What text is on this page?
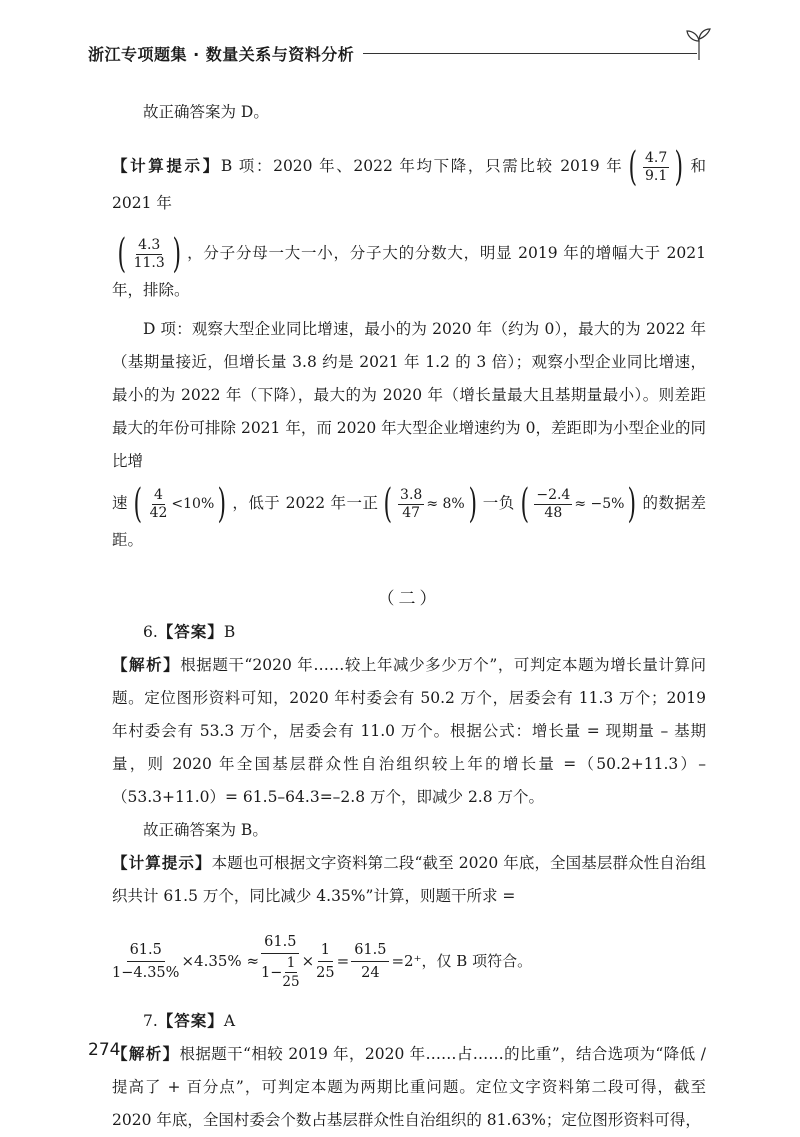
浙江专项题集 · 数量关系与资料分析

故正确答案为 D。

【计算提示】B 项：2020 年、2022 年均下降，只需比较 2019 年 ( $\frac{4.7}{9.1}$ ) 和 2021 年

( $\frac{4.3}{11.3}$ ) ，分子分母一大一小，分子大的分数大，明显 2019 年的增幅大于 2021 年，排除。

D 项：观察大型企业同比增速，最小的为 2020 年（约为 0），最大的为 2022 年（基期量接近，但增长量 3.8 约是 2021 年 1.2 的 3 倍）；观察小型企业同比增速，最小的为 2022 年（下降），最大的为 2020 年（增长量最大且基期量最小）。则差距最大的年份可排除 2021 年，而 2020 年大型企业增速约为 0，差距即为小型企业的同比增

速 ( $\frac{4}{42} <10\%$ ) ，低于 2022 年一正 ( $\frac{3.8}{47} \approx 8\%$ ) 一负 ( $\frac{-2.4}{48} \approx -5\%$ ) 的数据差距。

（二）

6.【答案】B

【解析】根据题干“2020 年……较上年减少多少万个”，可判定本题为增长量计算问题。定位图形资料可知，2020 年村委会有 50.2 万个，居委会有 11.3 万个；2019 年村委会有 53.3 万个，居委会有 11.0 万个。根据公式：增长量 = 现期量 – 基期量，则 2020 年全国基层群众性自治组织较上年的增长量 =（50.2+11.3）–（53.3+11.0）= 61.5–64.3=–2.8 万个，即减少 2.8 万个。

故正确答案为 B。

【计算提示】本题也可根据文字资料第二段“截至 2020 年底，全国基层群众性自治组织共计 61.5 万个，同比减少 4.35%”计算，则题干所求 =

$\frac{61.5}{1-4.35\%} \times 4.35\% \approx \frac{61.5}{1- \frac{1}{25}} \times \frac{1}{25} = \frac{61.5}{24} =2^+$，仅 B 项符合。

7.【答案】A

【解析】根据题干“相较 2019 年，2020 年……占……的比重”，结合选项为“降低 / 提高了 + 百分点”，可判定本题为两期比重问题。定位文字资料第二段可得，截至 2020 年底，全国村委会个数占基层群众性自治组织的 81.63%；定位图形资料可得，

274
